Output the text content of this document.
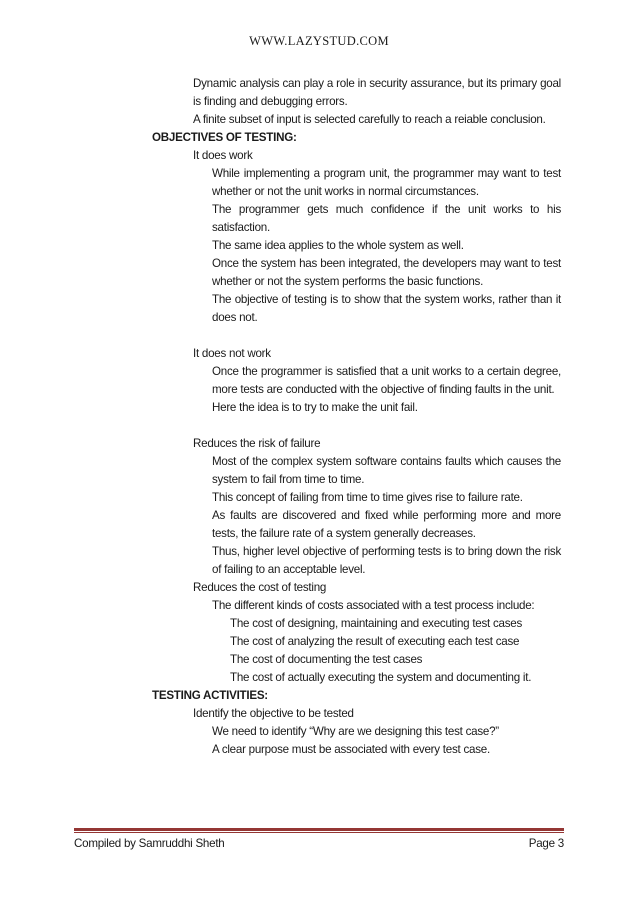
WWW.LAZYSTUD.COM
Dynamic analysis can play a role in security assurance, but its primary goal is finding and debugging errors.
A finite subset of input is selected carefully to reach a reiable conclusion.
OBJECTIVES OF TESTING:
It does work
While implementing a program unit, the programmer may want to test whether or not the unit works in normal circumstances.
The programmer gets much confidence if the unit works to his satisfaction.
The same idea applies to the whole system as well.
Once the system has been integrated, the developers may want to test whether or not the system performs the basic functions.
The objective of testing is to show that the system works, rather than it does not.
It does not work
Once the programmer is satisfied that a unit works to a certain degree, more tests are conducted with the objective of finding faults in the unit.
Here the idea is to try to make the unit fail.
Reduces the risk of failure
Most of the complex system software contains faults which causes the system to fail from time to time.
This concept of failing from time to time gives rise to failure rate.
As faults are discovered and fixed while performing more and more tests, the failure rate of a system generally decreases.
Thus, higher level objective of performing tests is to bring down the risk of failing to an acceptable level.
Reduces the cost of testing
The different kinds of costs associated with a test process include:
The cost of designing, maintaining and executing test cases
The cost of analyzing the result of executing each test case
The cost of documenting the test cases
The cost of actually executing the system and documenting it.
TESTING ACTIVITIES:
Identify the objective to be tested
We need to identify “Why are we designing this test case?”
A clear purpose must be associated with every test case.
Compiled by Samruddhi Sheth	Page 3
